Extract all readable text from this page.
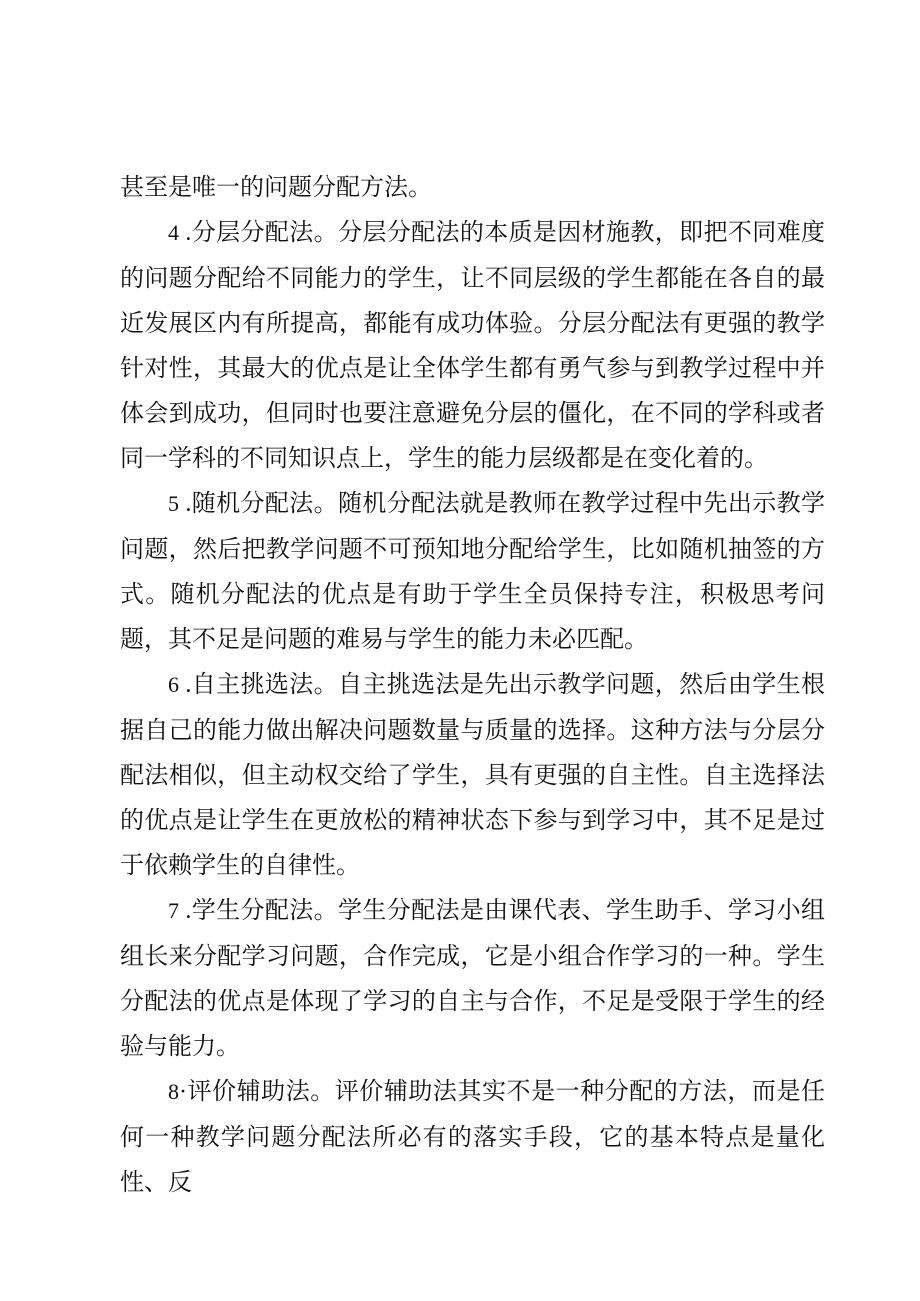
甚至是唯一的问题分配方法。

4 .分层分配法。分层分配法的本质是因材施教，即把不同难度的问题分配给不同能力的学生，让不同层级的学生都能在各自的最近发展区内有所提高，都能有成功体验。分层分配法有更强的教学针对性，其最大的优点是让全体学生都有勇气参与到教学过程中并体会到成功，但同时也要注意避免分层的僵化，在不同的学科或者同一学科的不同知识点上，学生的能力层级都是在变化着的。

5 .随机分配法。随机分配法就是教师在教学过程中先出示教学问题，然后把教学问题不可预知地分配给学生，比如随机抽签的方式。随机分配法的优点是有助于学生全员保持专注，积极思考问题，其不足是问题的难易与学生的能力未必匹配。

6 .自主挑选法。自主挑选法是先出示教学问题，然后由学生根据自己的能力做出解决问题数量与质量的选择。这种方法与分层分配法相似，但主动权交给了学生，具有更强的自主性。自主选择法的优点是让学生在更放松的精神状态下参与到学习中，其不足是过于依赖学生的自律性。

7 .学生分配法。学生分配法是由课代表、学生助手、学习小组组长来分配学习问题，合作完成，它是小组合作学习的一种。学生分配法的优点是体现了学习的自主与合作，不足是受限于学生的经验与能力。

8·评价辅助法。评价辅助法其实不是一种分配的方法，而是任何一种教学问题分配法所必有的落实手段，它的基本特点是量化性、反
